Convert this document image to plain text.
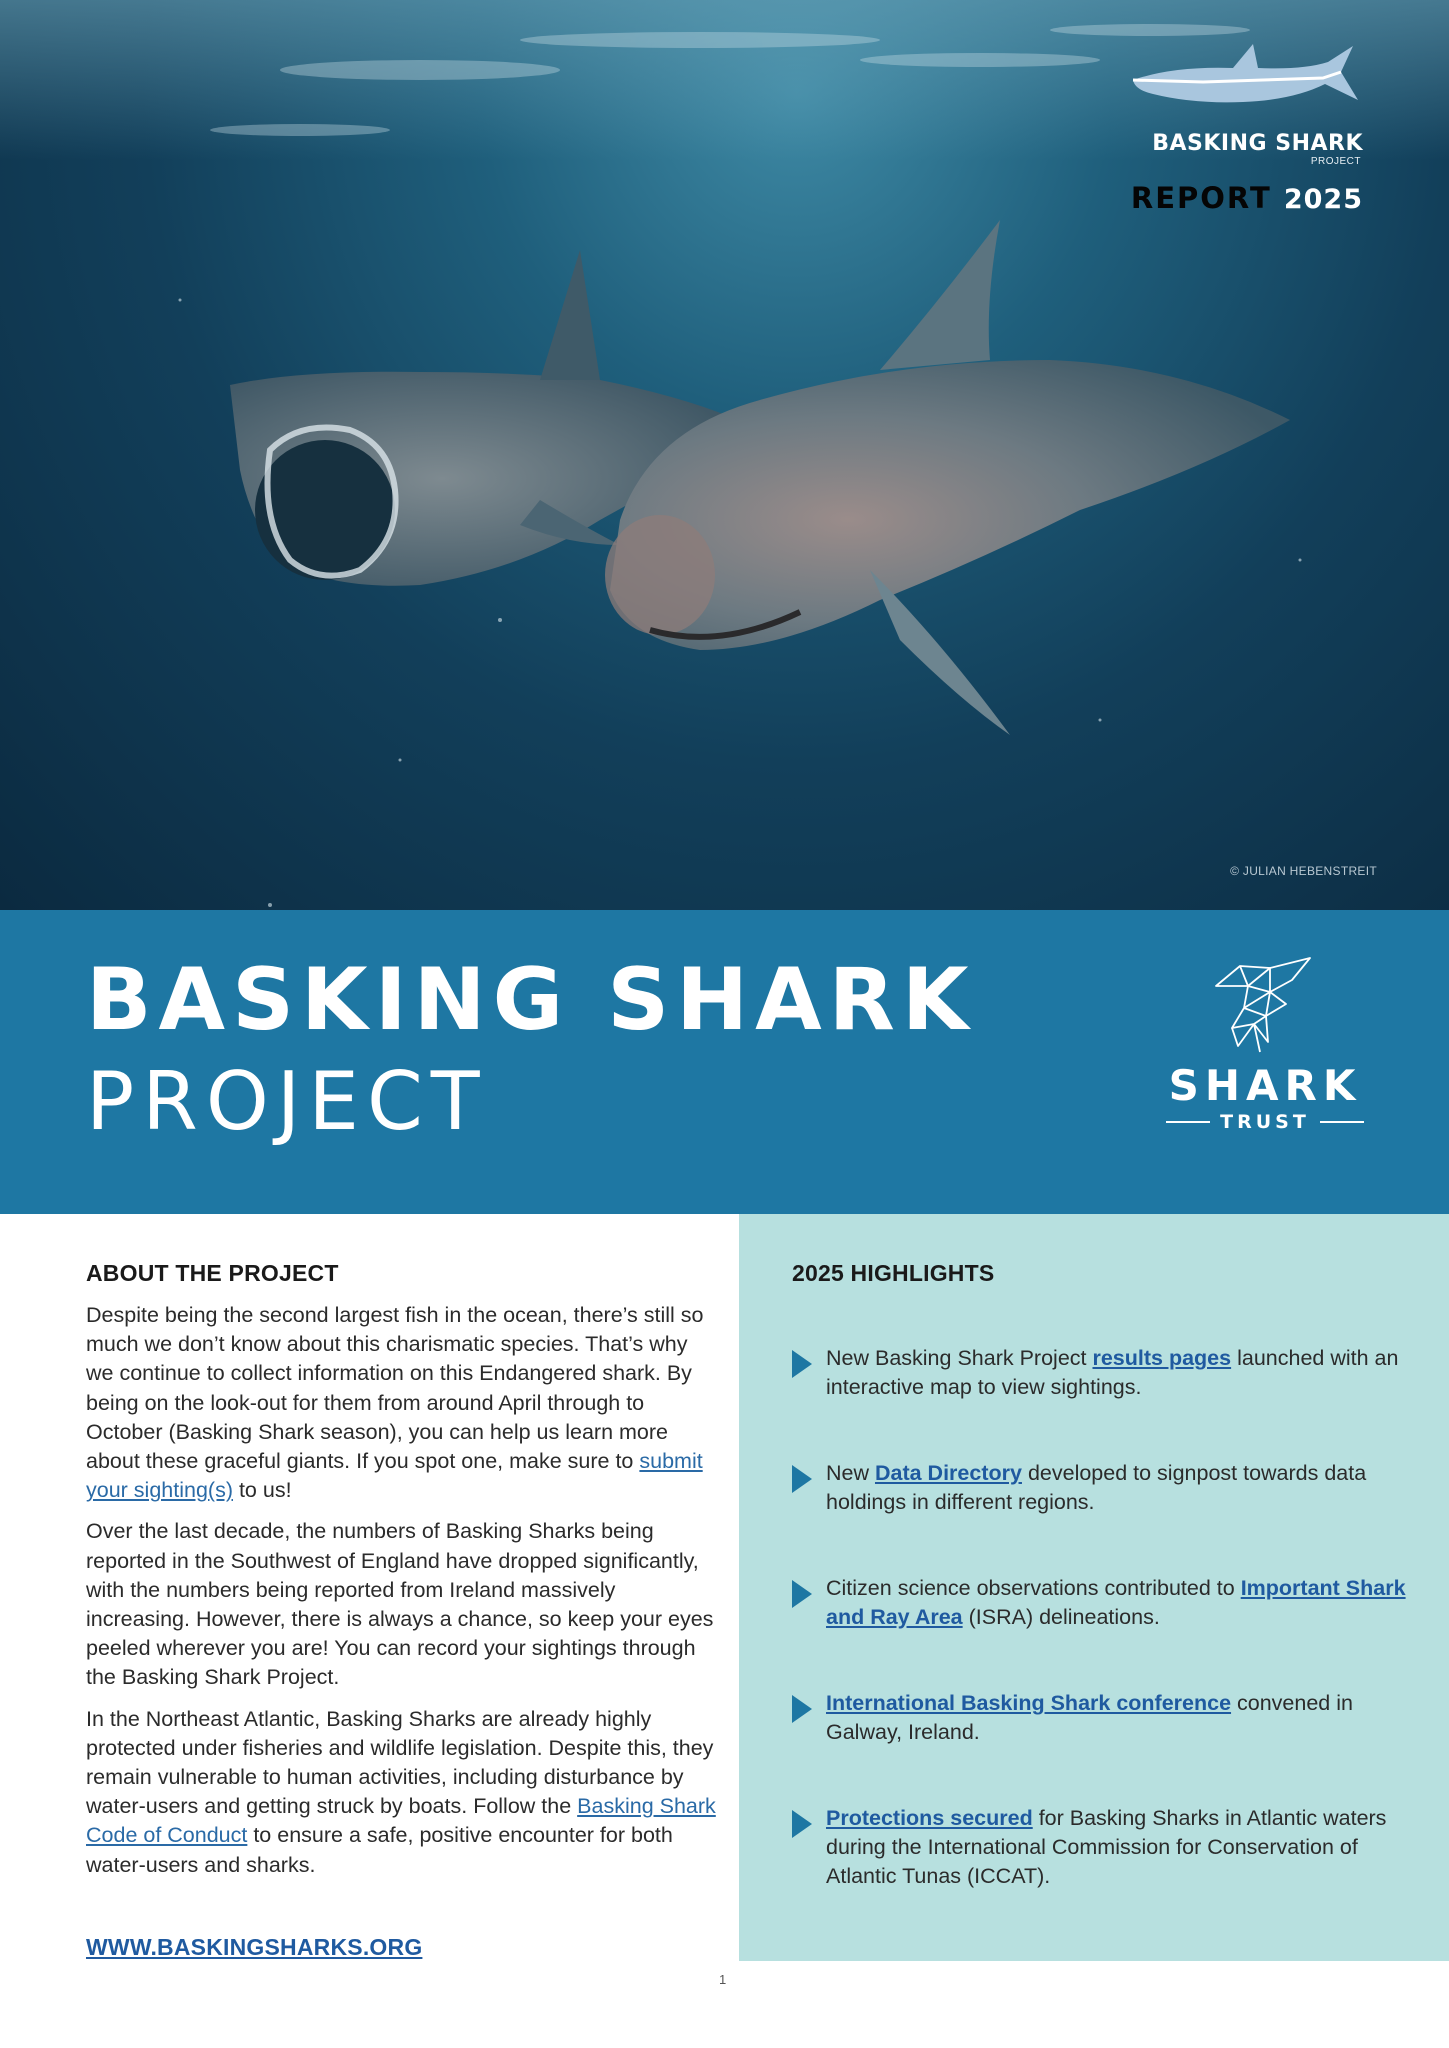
BASKING SHARK
PROJECT
REPORT 2025
© JULIAN HEBENSTREIT
BASKING SHARK
PROJECT	SHARK
TRUST
ABOUT THE PROJECT

Despite being the second largest fish in the ocean, there’s still so much we don’t know about this charismatic species. That’s why we continue to collect information on this Endangered shark. By being on the look-out for them from around April through to October (Basking Shark season), you can help us learn more about these graceful giants. If you spot one, make sure to submit your sighting(s) to us!

Over the last decade, the numbers of Basking Sharks being reported in the Southwest of England have dropped significantly, with the numbers being reported from Ireland massively increasing. However, there is always a chance, so keep your eyes peeled wherever you are! You can record your sightings through the Basking Shark Project.

In the Northeast Atlantic, Basking Sharks are already highly protected under fisheries and wildlife legislation. Despite this, they remain vulnerable to human activities, including disturbance by water-users and getting struck by boats. Follow the Basking Shark Code of Conduct to ensure a safe, positive encounter for both water-users and sharks.

WWW.BASKINGSHARKS.ORG
2025 HIGHLIGHTS
New Basking Shark Project results pages launched with an interactive map to view sightings.
New Data Directory developed to signpost towards data holdings in different regions.
Citizen science observations contributed to Important Shark and Ray Area (ISRA) delineations.
International Basking Shark conference convened in Galway, Ireland.
Protections secured for Basking Sharks in Atlantic waters during the International Commission for Conservation of Atlantic Tunas (ICCAT).
1
